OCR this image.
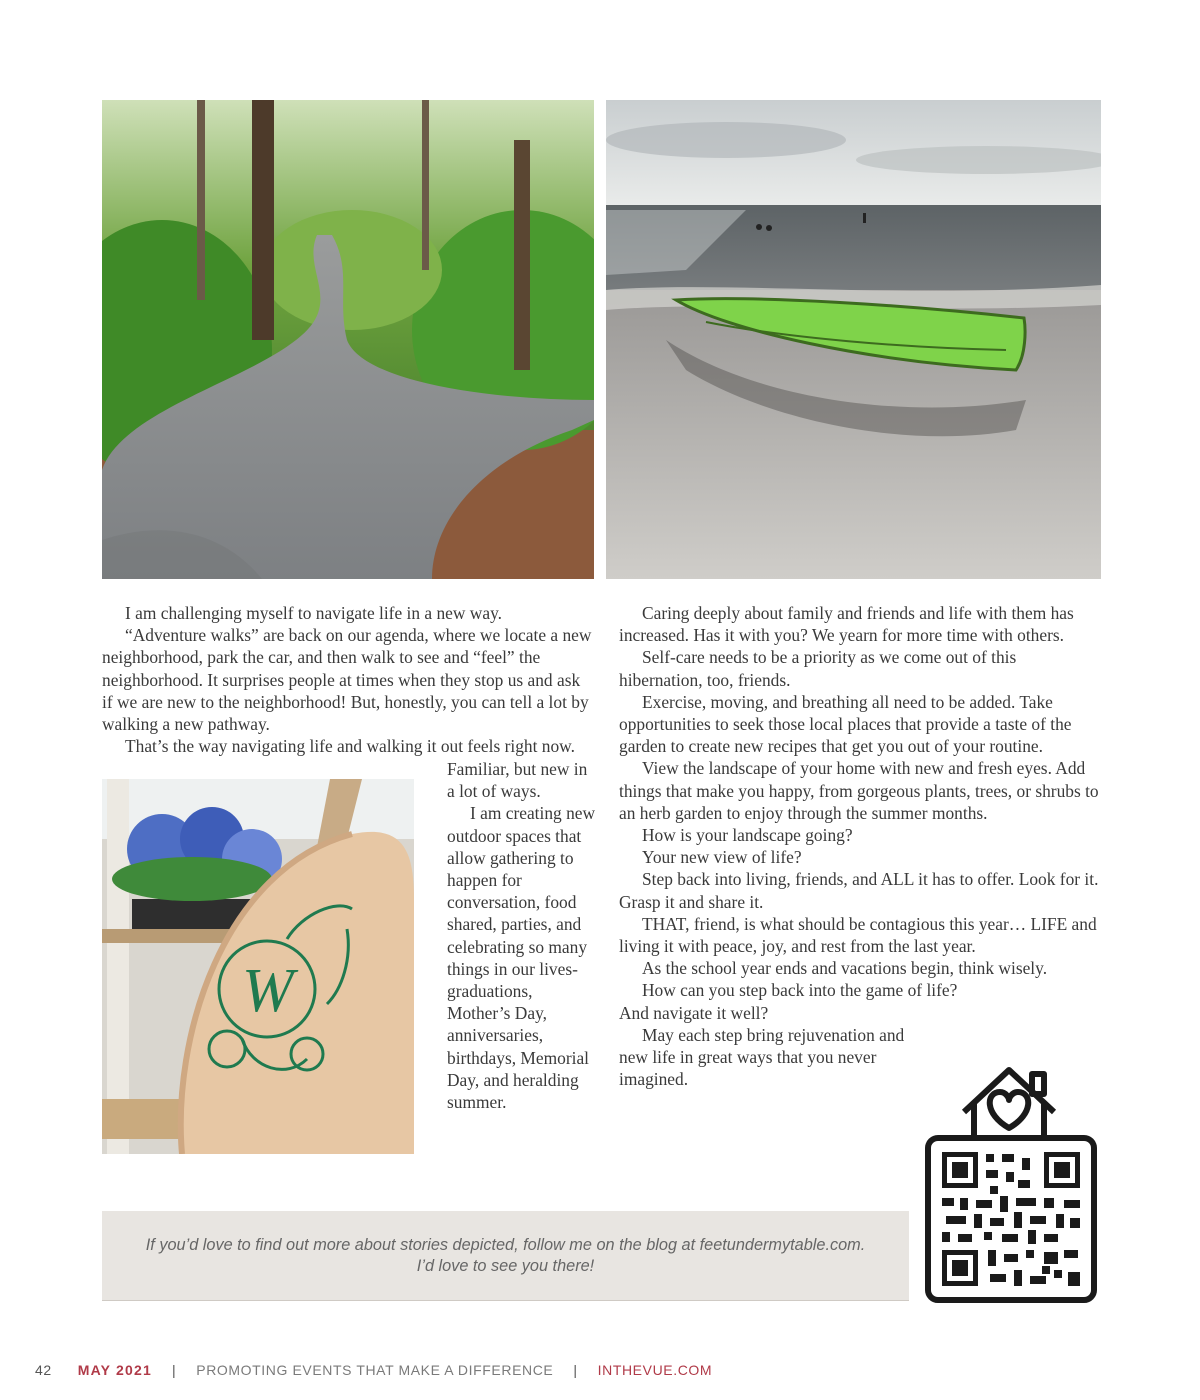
W

I am challenging myself to navigate life in a new way.

“Adventure walks” are back on our agenda, where we locate a new neighborhood, park the car, and then walk to see and “feel” the neighborhood. It surprises people at times when they stop us and ask if we are new to the neighborhood! But, honestly, you can tell a lot by walking a new pathway.

That’s the way navigating life and walking it out feels right now.

Familiar, but new in a lot of ways.

I am creating new outdoor spaces that allow gathering to happen for conversation, food shared, parties, and celebrating so many things in our lives- graduations, Mother’s Day, anniversaries, birthdays, Memorial Day, and heralding summer.

Caring deeply about family and friends and life with them has increased. Has it with you? We yearn for more time with others.

Self-care needs to be a priority as we come out of this hibernation, too, friends.

Exercise, moving, and breathing all need to be added. Take opportunities to seek those local places that provide a taste of the garden to create new recipes that get you out of your routine.

View the landscape of your home with new and fresh eyes. Add things that make you happy, from gorgeous plants, trees, or shrubs to an herb garden to enjoy through the summer months.

How is your landscape going?

Your new view of life?

Step back into living, friends, and ALL it has to offer. Look for it. Grasp it and share it.

THAT, friend, is what should be contagious this year… LIFE and living it with peace, joy, and rest from the last year.

As the school year ends and vacations begin, think wisely.

How can you step back into the game of life? And navigate it well?

May each step bring rejuvenation and new life in great ways that you never imagined.

If you’d love to find out more about stories depicted, follow me on the blog at feetundermytable.com.
I’d love to see you there!
42 MAY 2021 | PROMOTING EVENTS THAT MAKE A DIFFERENCE | INTHEVUE.COM
